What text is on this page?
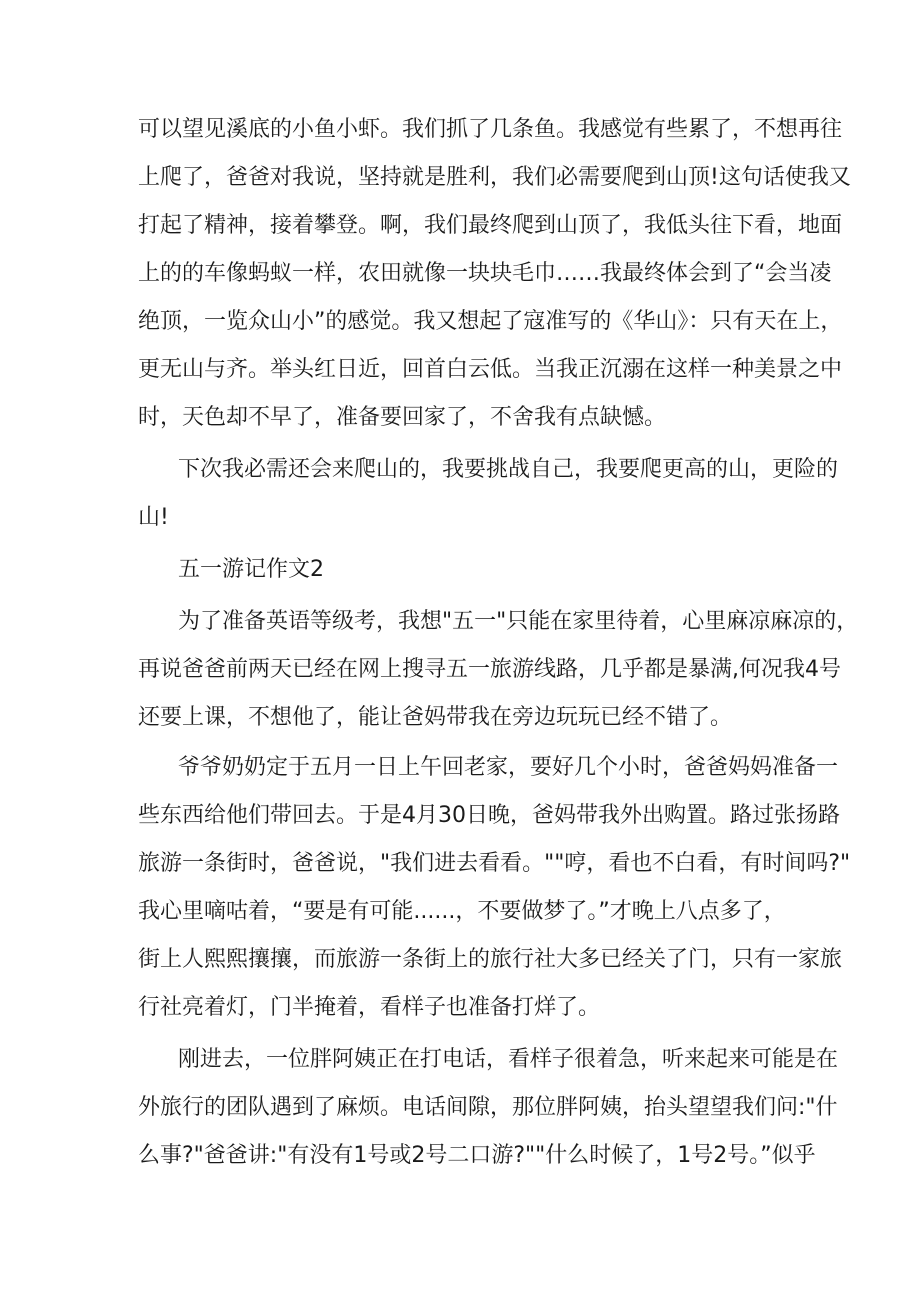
可以望见溪底的小鱼小虾。我们抓了几条鱼。我感觉有些累了，不想再往
上爬了，爸爸对我说，坚持就是胜利，我们必需要爬到山顶!这句话使我又
打起了精神，接着攀登。啊，我们最终爬到山顶了，我低头往下看，地面
上的的车像蚂蚁一样，农田就像一块块毛巾……我最终体会到了“会当凌
绝顶，一览众山小”的感觉。我又想起了寇准写的《华山》：只有天在上，
更无山与齐。举头红日近，回首白云低。当我正沉溺在这样一种美景之中
时，天色却不早了，准备要回家了，不舍我有点缺憾。
下次我必需还会来爬山的，我要挑战自己，我要爬更高的山，更险的
山!
五一游记作文2
为了准备英语等级考，我想"五一"只能在家里待着，心里麻凉麻凉的，
再说爸爸前两天已经在网上搜寻五一旅游线路，几乎都是暴满,何况我4号
还要上课，不想他了，能让爸妈带我在旁边玩玩已经不错了。
爷爷奶奶定于五月一日上午回老家，要好几个小时，爸爸妈妈准备一
些东西给他们带回去。于是4月30日晚，爸妈带我外出购置。路过张扬路
旅游一条街时，爸爸说，"我们进去看看。""哼，看也不白看，有时间吗?"
我心里嘀咕着，“要是有可能......，不要做梦了。”才晚上八点多了，
街上人熙熙攘攘，而旅游一条街上的旅行社大多已经关了门，只有一家旅
行社亮着灯，门半掩着，看样子也准备打烊了。
刚进去，一位胖阿姨正在打电话，看样子很着急，听来起来可能是在
外旅行的团队遇到了麻烦。电话间隙，那位胖阿姨，抬头望望我们问:"什
么事?"爸爸讲:"有没有1号或2号二口游?""什么时候了，1号2号。”似乎
